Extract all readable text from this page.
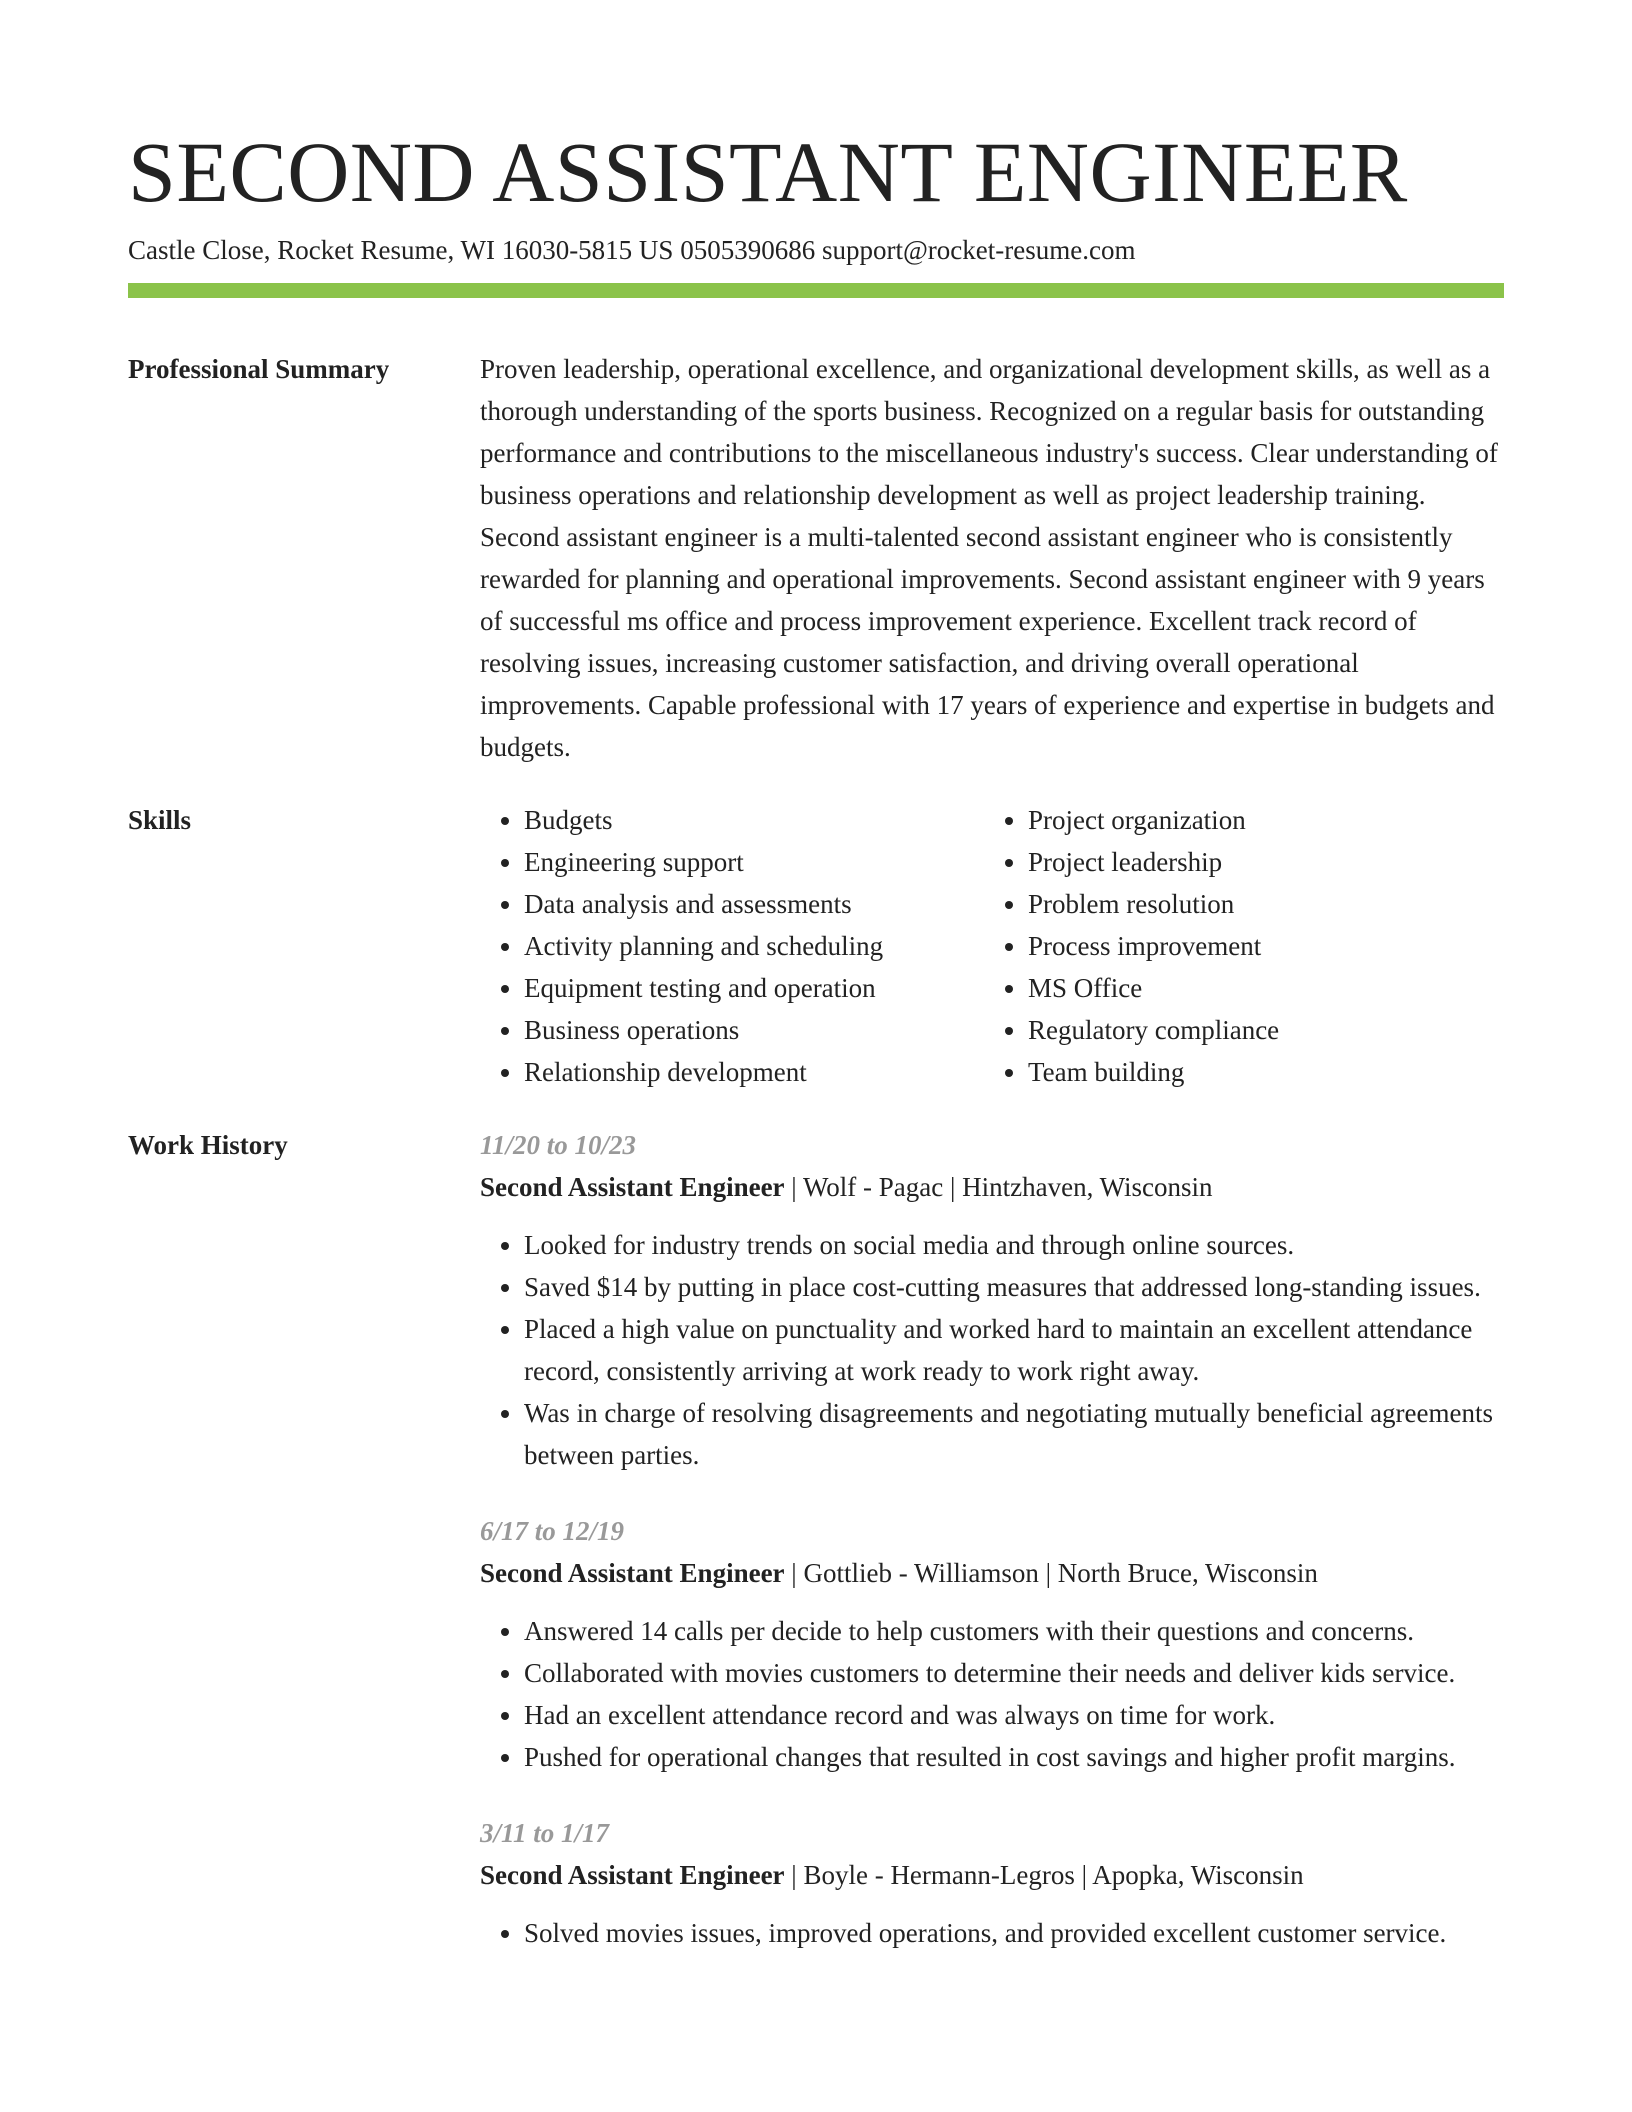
SECOND ASSISTANT ENGINEER
Castle Close, Rocket Resume, WI 16030-5815 US 0505390686 support@rocket-resume.com
Professional Summary	Proven leadership, operational excellence, and organizational development skills, as well as a thorough understanding of the sports business. Recognized on a regular basis for outstanding performance and contributions to the miscellaneous industry's success. Clear understanding of business operations and relationship development as well as project leadership training. Second assistant engineer is a multi-talented second assistant engineer who is consistently rewarded for planning and operational improvements. Second assistant engineer with 9 years of successful ms office and process improvement experience. Excellent track record of resolving issues, increasing customer satisfaction, and driving overall operational improvements. Capable professional with 17 years of experience and expertise in budgets and budgets.

Skills
•	Budgets
• Engineering support
• Data analysis and assessments
• Activity planning and scheduling
• Equipment testing and operation
• Business operations
• Relationship development
• Project organization
• Project leadership
• Problem resolution
• Process improvement
• MS Office
• Regulatory compliance
• Team building
Work History	11/20 to 10/23
Second Assistant Engineer | Wolf - Pagac | Hintzhaven, Wisconsin
• Looked for industry trends on social media and through online sources.
• Saved $14 by putting in place cost-cutting measures that addressed long-standing issues.
• Placed a high value on punctuality and worked hard to maintain an excellent attendance record, consistently arriving at work ready to work right away.
• Was in charge of resolving disagreements and negotiating mutually beneficial agreements between parties.
6/17 to 12/19
Second Assistant Engineer | Gottlieb - Williamson | North Bruce, Wisconsin
• Answered 14 calls per decide to help customers with their questions and concerns.
• Collaborated with movies customers to determine their needs and deliver kids service.
• Had an excellent attendance record and was always on time for work.
• Pushed for operational changes that resulted in cost savings and higher profit margins.
3/11 to 1/17
Second Assistant Engineer | Boyle - Hermann-Legros | Apopka, Wisconsin
• Solved movies issues, improved operations, and provided excellent customer service.
